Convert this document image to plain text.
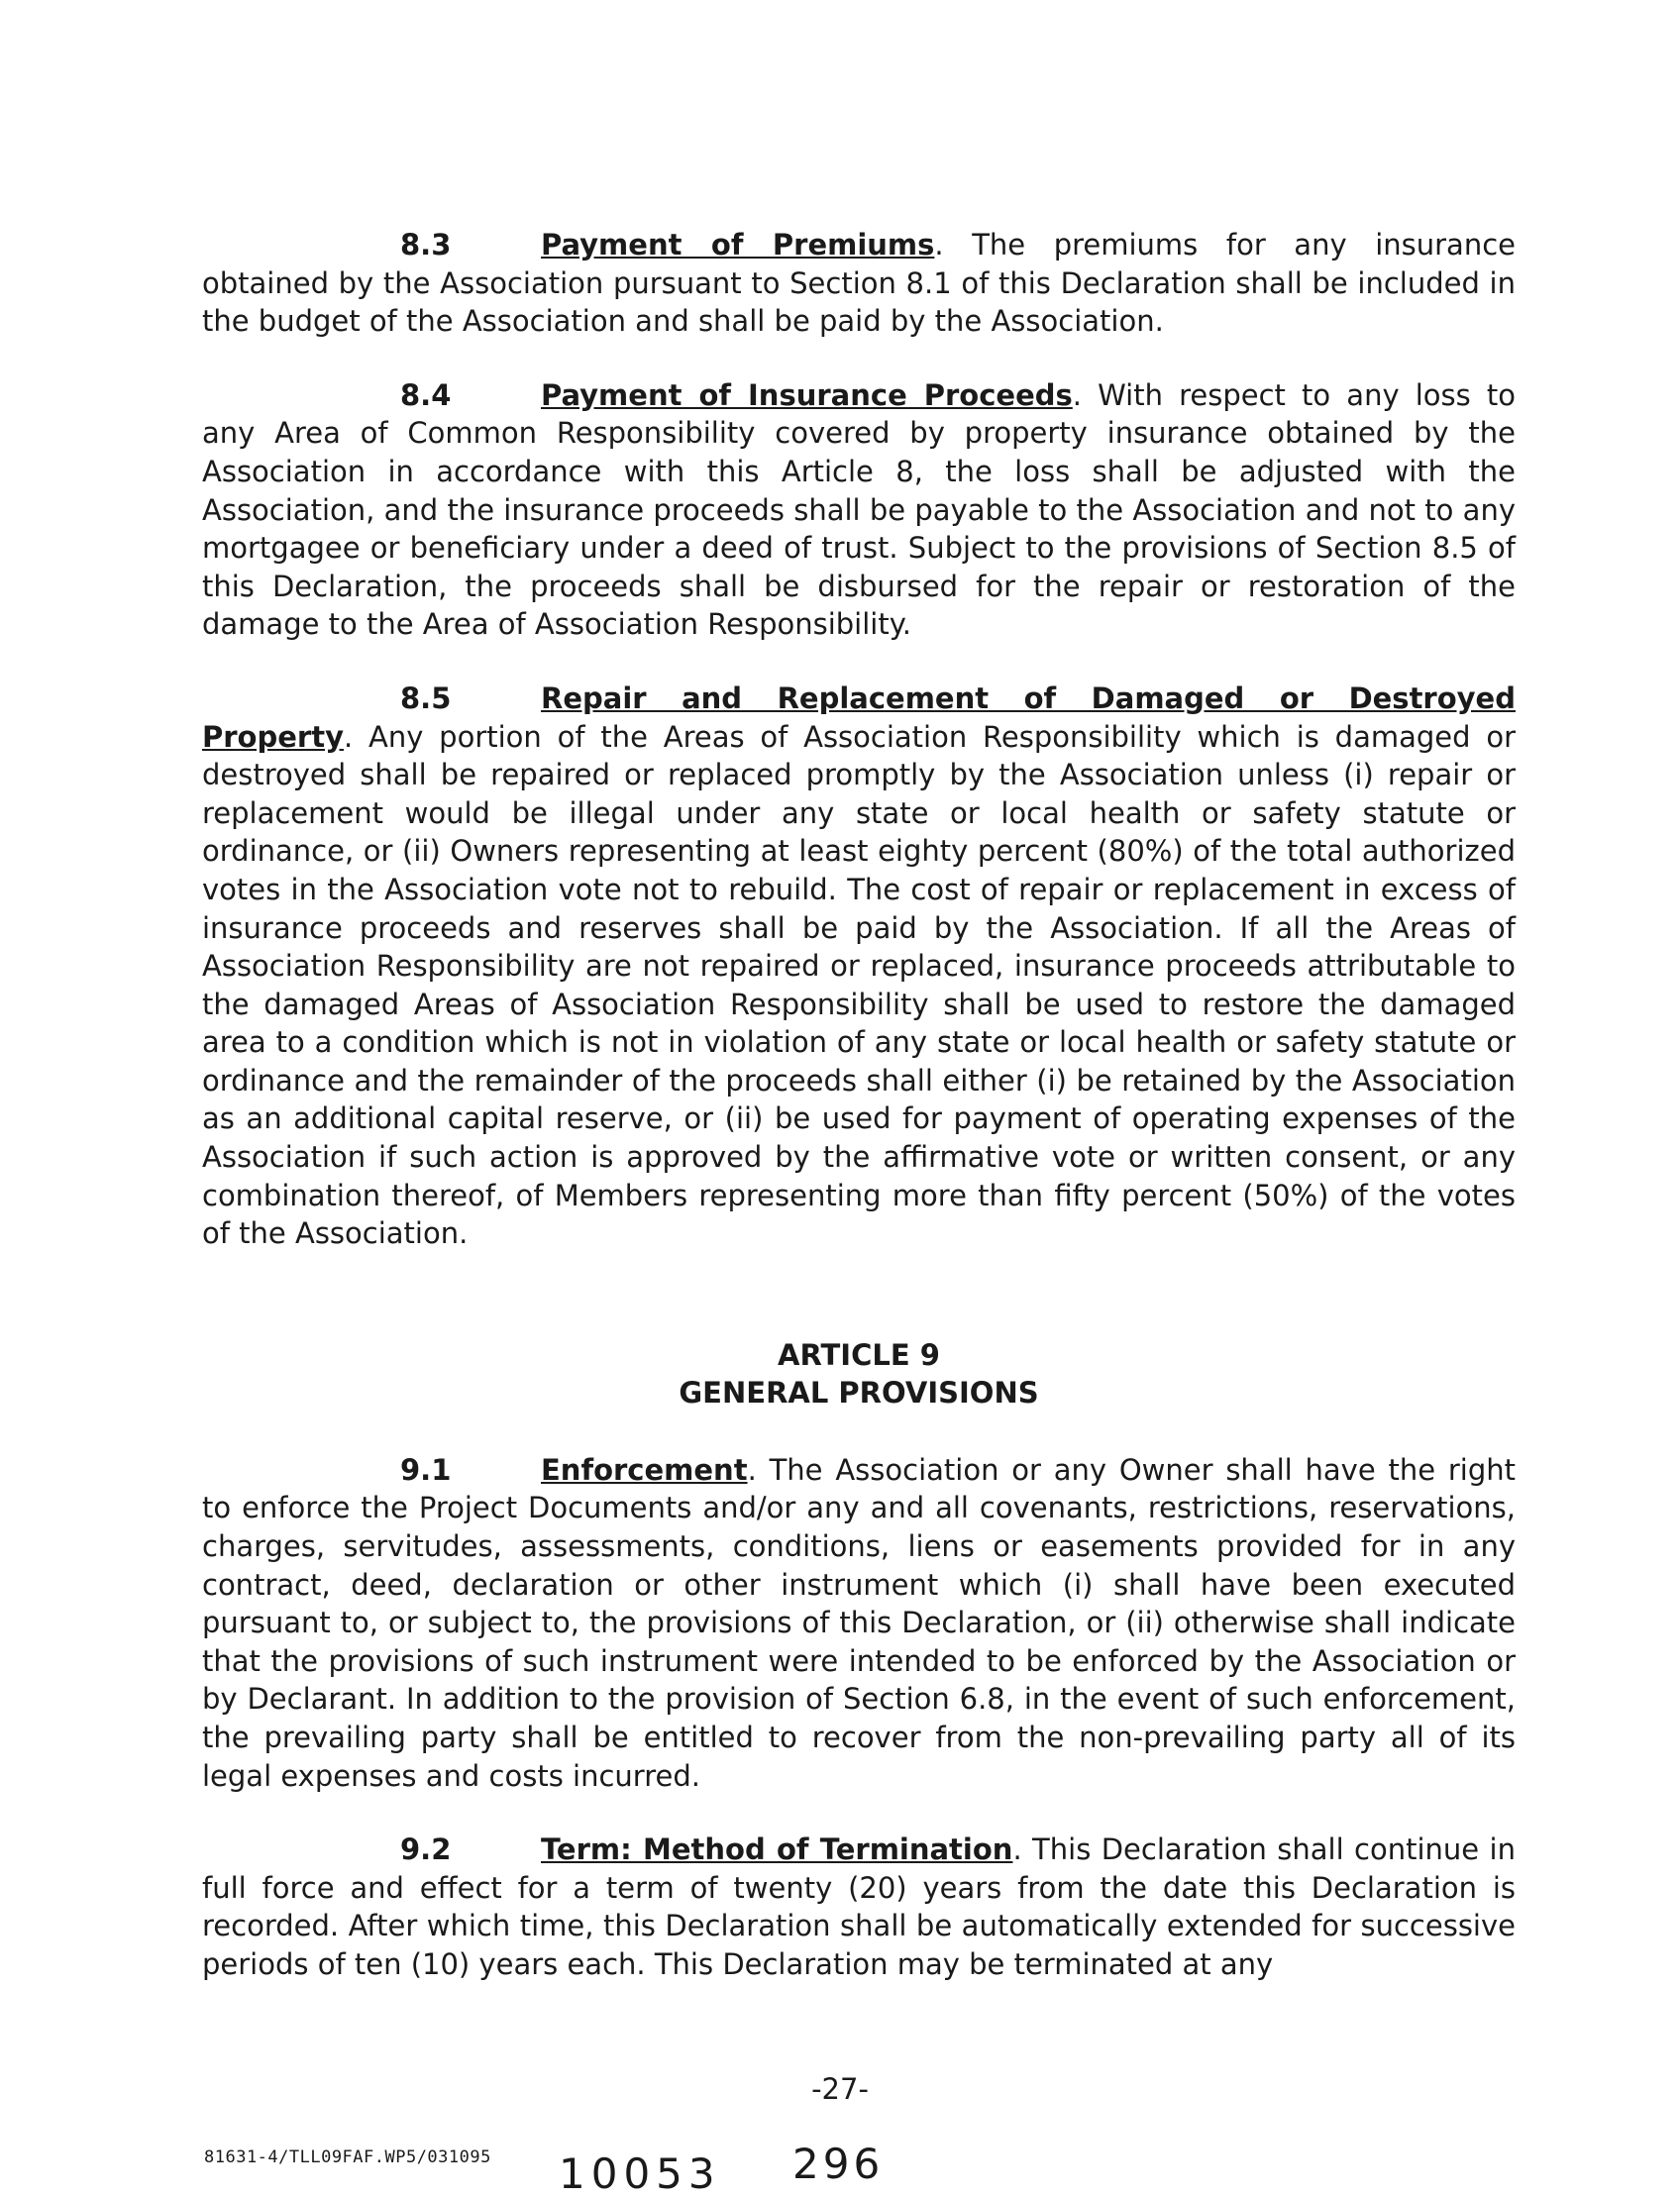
8.3	Payment of Premiums. The premiums for any insurance obtained by the Association pursuant to Section 8.1 of this Declaration shall be included in the budget of the Association and shall be paid by the Association.

8.4	Payment of Insurance Proceeds. With respect to any loss to any Area of Common Responsibility covered by property insurance obtained by the Association in accordance with this Article 8, the loss shall be adjusted with the Association, and the insurance proceeds shall be payable to the Association and not to any mortgagee or beneficiary under a deed of trust. Subject to the provisions of Section 8.5 of this Declaration, the proceeds shall be disbursed for the repair or restoration of the damage to the Area of Association Responsibility.

8.5	Repair and Replacement of Damaged or Destroyed Property. Any portion of the Areas of Association Responsibility which is damaged or destroyed shall be repaired or replaced promptly by the Association unless (i) repair or replacement would be illegal under any state or local health or safety statute or ordinance, or (ii) Owners representing at least eighty percent (80%) of the total authorized votes in the Association vote not to rebuild. The cost of repair or replacement in excess of insurance proceeds and reserves shall be paid by the Association. If all the Areas of Association Responsibility are not repaired or replaced, insurance proceeds attributable to the damaged Areas of Association Responsibility shall be used to restore the damaged area to a condition which is not in violation of any state or local health or safety statute or ordinance and the remainder of the proceeds shall either (i) be retained by the Association as an additional capital reserve, or (ii) be used for payment of operating expenses of the Association if such action is approved by the affirmative vote or written consent, or any combination thereof, of Members representing more than fifty percent (50%) of the votes of the Association.

ARTICLE 9
GENERAL PROVISIONS

9.1	Enforcement. The Association or any Owner shall have the right to enforce the Project Documents and/or any and all covenants, restrictions, reservations, charges, servitudes, assessments, conditions, liens or easements provided for in any contract, deed, declaration or other instrument which (i) shall have been executed pursuant to, or subject to, the provisions of this Declaration, or (ii) otherwise shall indicate that the provisions of such instrument were intended to be enforced by the Association or by Declarant. In addition to the provision of Section 6.8, in the event of such enforcement, the prevailing party shall be entitled to recover from the non-prevailing party all of its legal expenses and costs incurred.

9.2	Term: Method of Termination. This Declaration shall continue in full force and effect for a term of twenty (20) years from the date this Declaration is recorded. After which time, this Declaration shall be automatically extended for successive periods of ten (10) years each. This Declaration may be terminated at any

-27-
81631-4/TLL09FAF.WP5/031095 10053 296
